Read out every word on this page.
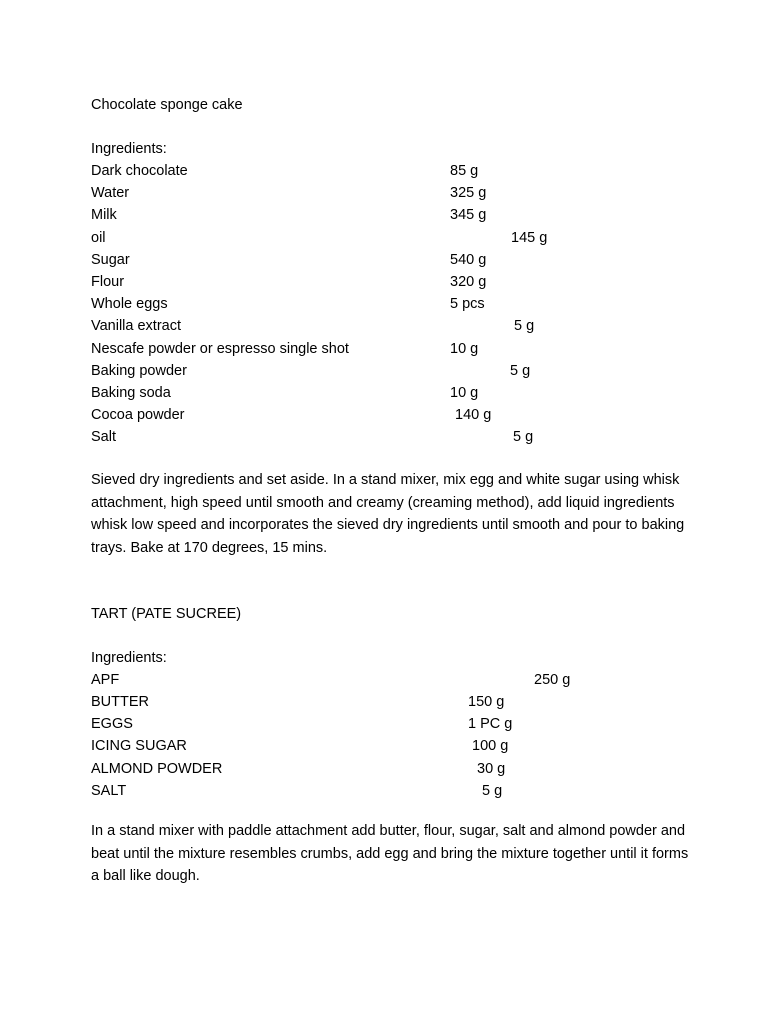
Chocolate sponge cake
Ingredients:
Dark chocolate	85 g
Water	325 g
Milk	345 g
oil	145 g
Sugar	540 g
Flour	320 g
Whole eggs	5 pcs
Vanilla extract	5 g
Nescafe powder or espresso single shot	10 g
Baking powder	5 g
Baking soda	10 g
Cocoa powder	140 g
Salt	5 g
Sieved dry ingredients and set aside. In a stand mixer, mix egg and white sugar using whisk attachment, high speed until smooth and creamy (creaming method), add liquid ingredients whisk low speed and incorporates the sieved dry ingredients until smooth and pour to baking trays. Bake at 170 degrees, 15 mins.
TART (PATE SUCREE)
Ingredients:
APF	250 g
BUTTER	150 g
EGGS	1 PC g
ICING SUGAR	100 g
ALMOND POWDER	30 g
SALT	5 g
In a stand mixer with paddle attachment add butter, flour, sugar, salt and almond powder and beat until the mixture resembles crumbs, add egg and bring the mixture together until it forms a ball like dough.
